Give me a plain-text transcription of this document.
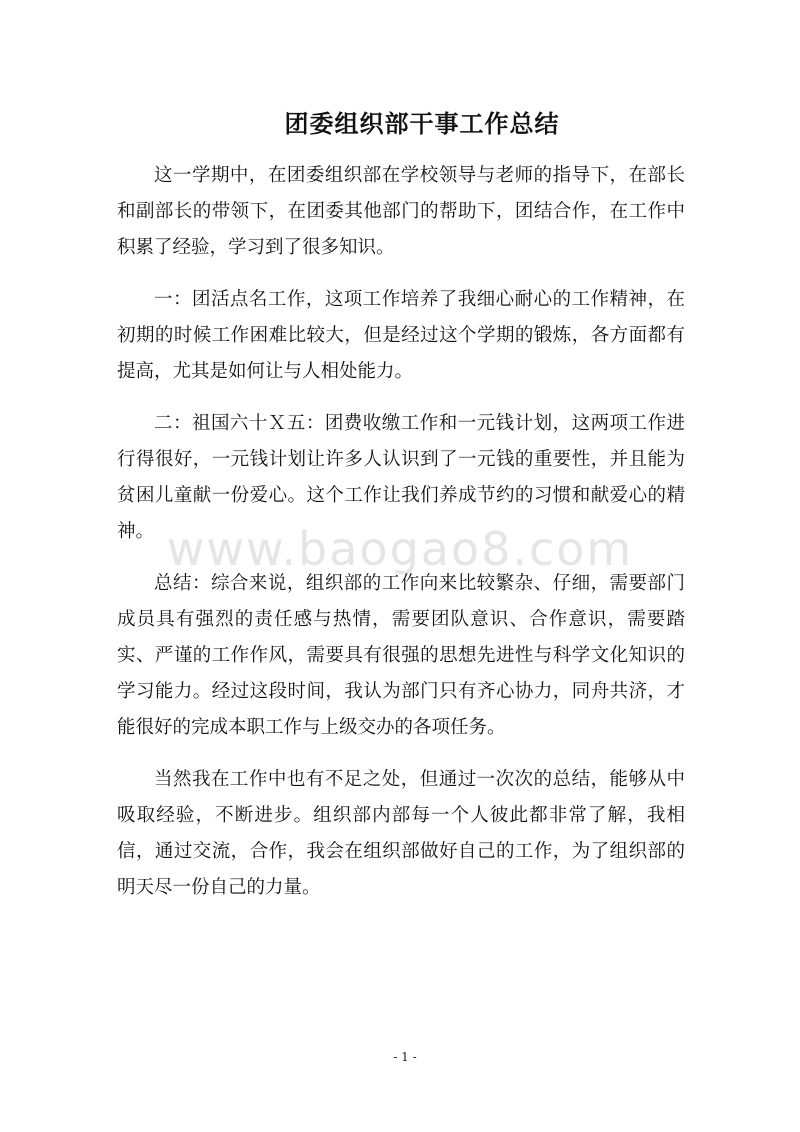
团委组织部干事工作总结

这一学期中，在团委组织部在学校领导与老师的指导下，在部长和副部长的带领下，在团委其他部门的帮助下，团结合作，在工作中积累了经验，学习到了很多知识。

一：团活点名工作，这项工作培养了我细心耐心的工作精神，在初期的时候工作困难比较大，但是经过这个学期的锻炼，各方面都有提高，尤其是如何让与人相处能力。

二：祖国六十Ｘ五：团费收缴工作和一元钱计划，这两项工作进行得很好，一元钱计划让许多人认识到了一元钱的重要性，并且能为贫困儿童献一份爱心。这个工作让我们养成节约的习惯和献爱心的精神。

总结：综合来说，组织部的工作向来比较繁杂、仔细，需要部门成员具有强烈的责任感与热情，需要团队意识、合作意识，需要踏实、严谨的工作作风，需要具有很强的思想先进性与科学文化知识的学习能力。经过这段时间，我认为部门只有齐心协力，同舟共济，才能很好的完成本职工作与上级交办的各项任务。

当然我在工作中也有不足之处，但通过一次次的总结，能够从中吸取经验，不断进步。组织部内部每一个人彼此都非常了解，我相信，通过交流，合作，我会在组织部做好自己的工作，为了组织部的明天尽一份自己的力量。

www.baogao8.com
- 1 -
